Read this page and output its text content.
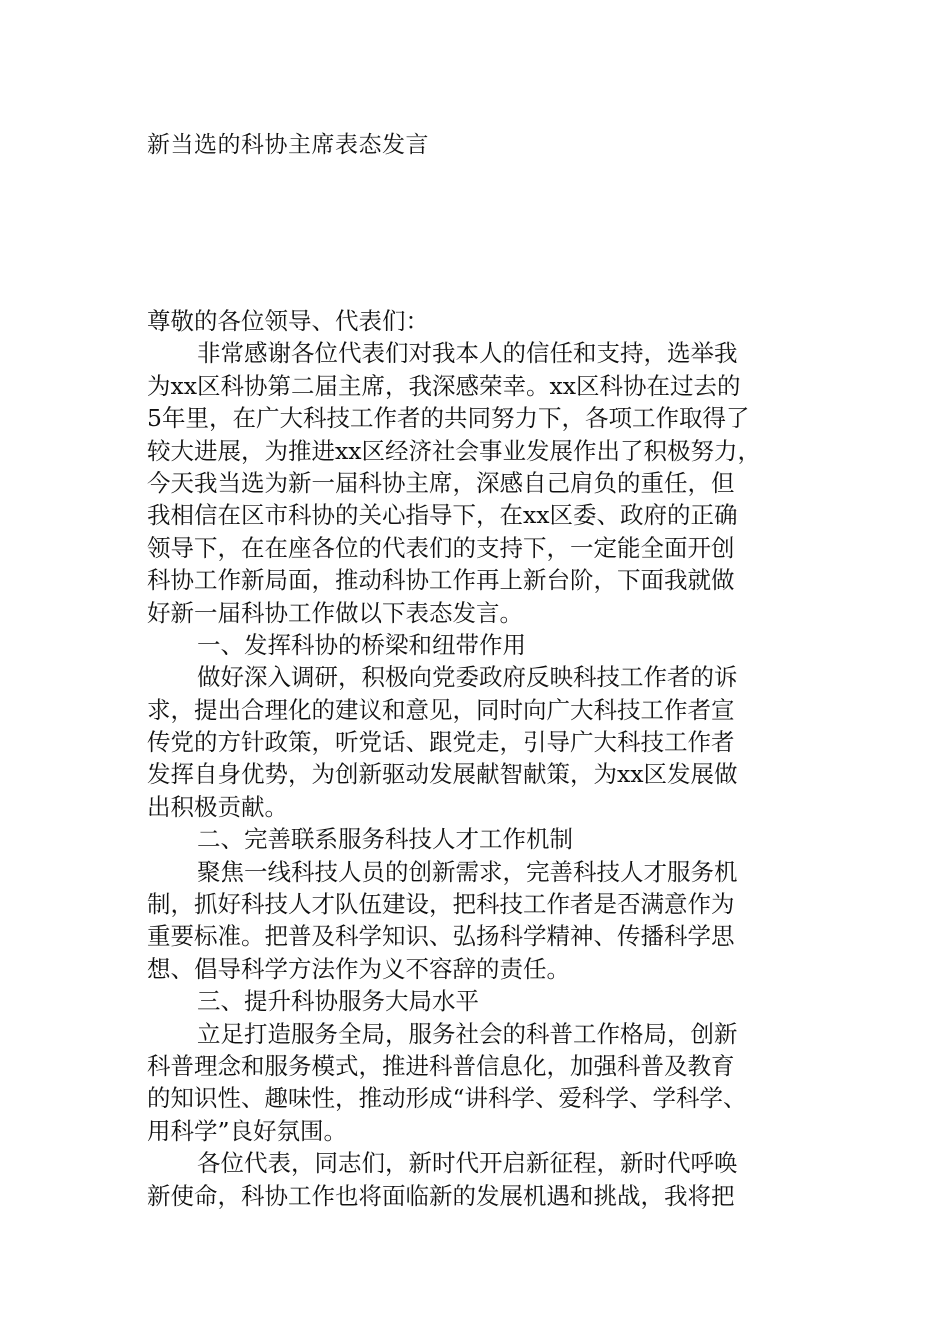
新当选的科协主席表态发言
尊敬的各位领导、代表们：
非常感谢各位代表们对我本人的信任和支持，选举我
为xx区科协第二届主席，我深感荣幸。xx区科协在过去的
5年里，在广大科技工作者的共同努力下，各项工作取得了
较大进展，为推进xx区经济社会事业发展作出了积极努力，
今天我当选为新一届科协主席，深感自己肩负的重任，但
我相信在区市科协的关心指导下，在xx区委、政府的正确
领导下，在在座各位的代表们的支持下，一定能全面开创
科协工作新局面，推动科协工作再上新台阶，下面我就做
好新一届科协工作做以下表态发言。
一、发挥科协的桥梁和纽带作用
做好深入调研，积极向党委政府反映科技工作者的诉
求，提出合理化的建议和意见，同时向广大科技工作者宣
传党的方针政策，听党话、跟党走，引导广大科技工作者
发挥自身优势，为创新驱动发展献智献策，为xx区发展做
出积极贡献。
二、完善联系服务科技人才工作机制
聚焦一线科技人员的创新需求，完善科技人才服务机
制，抓好科技人才队伍建设，把科技工作者是否满意作为
重要标准。把普及科学知识、弘扬科学精神、传播科学思
想、倡导科学方法作为义不容辞的责任。
三、提升科协服务大局水平
立足打造服务全局，服务社会的科普工作格局，创新
科普理念和服务模式，推进科普信息化，加强科普及教育
的知识性、趣味性，推动形成“讲科学、爱科学、学科学、
用科学”良好氛围。
各位代表，同志们，新时代开启新征程，新时代呼唤
新使命，科协工作也将面临新的发展机遇和挑战，我将把
